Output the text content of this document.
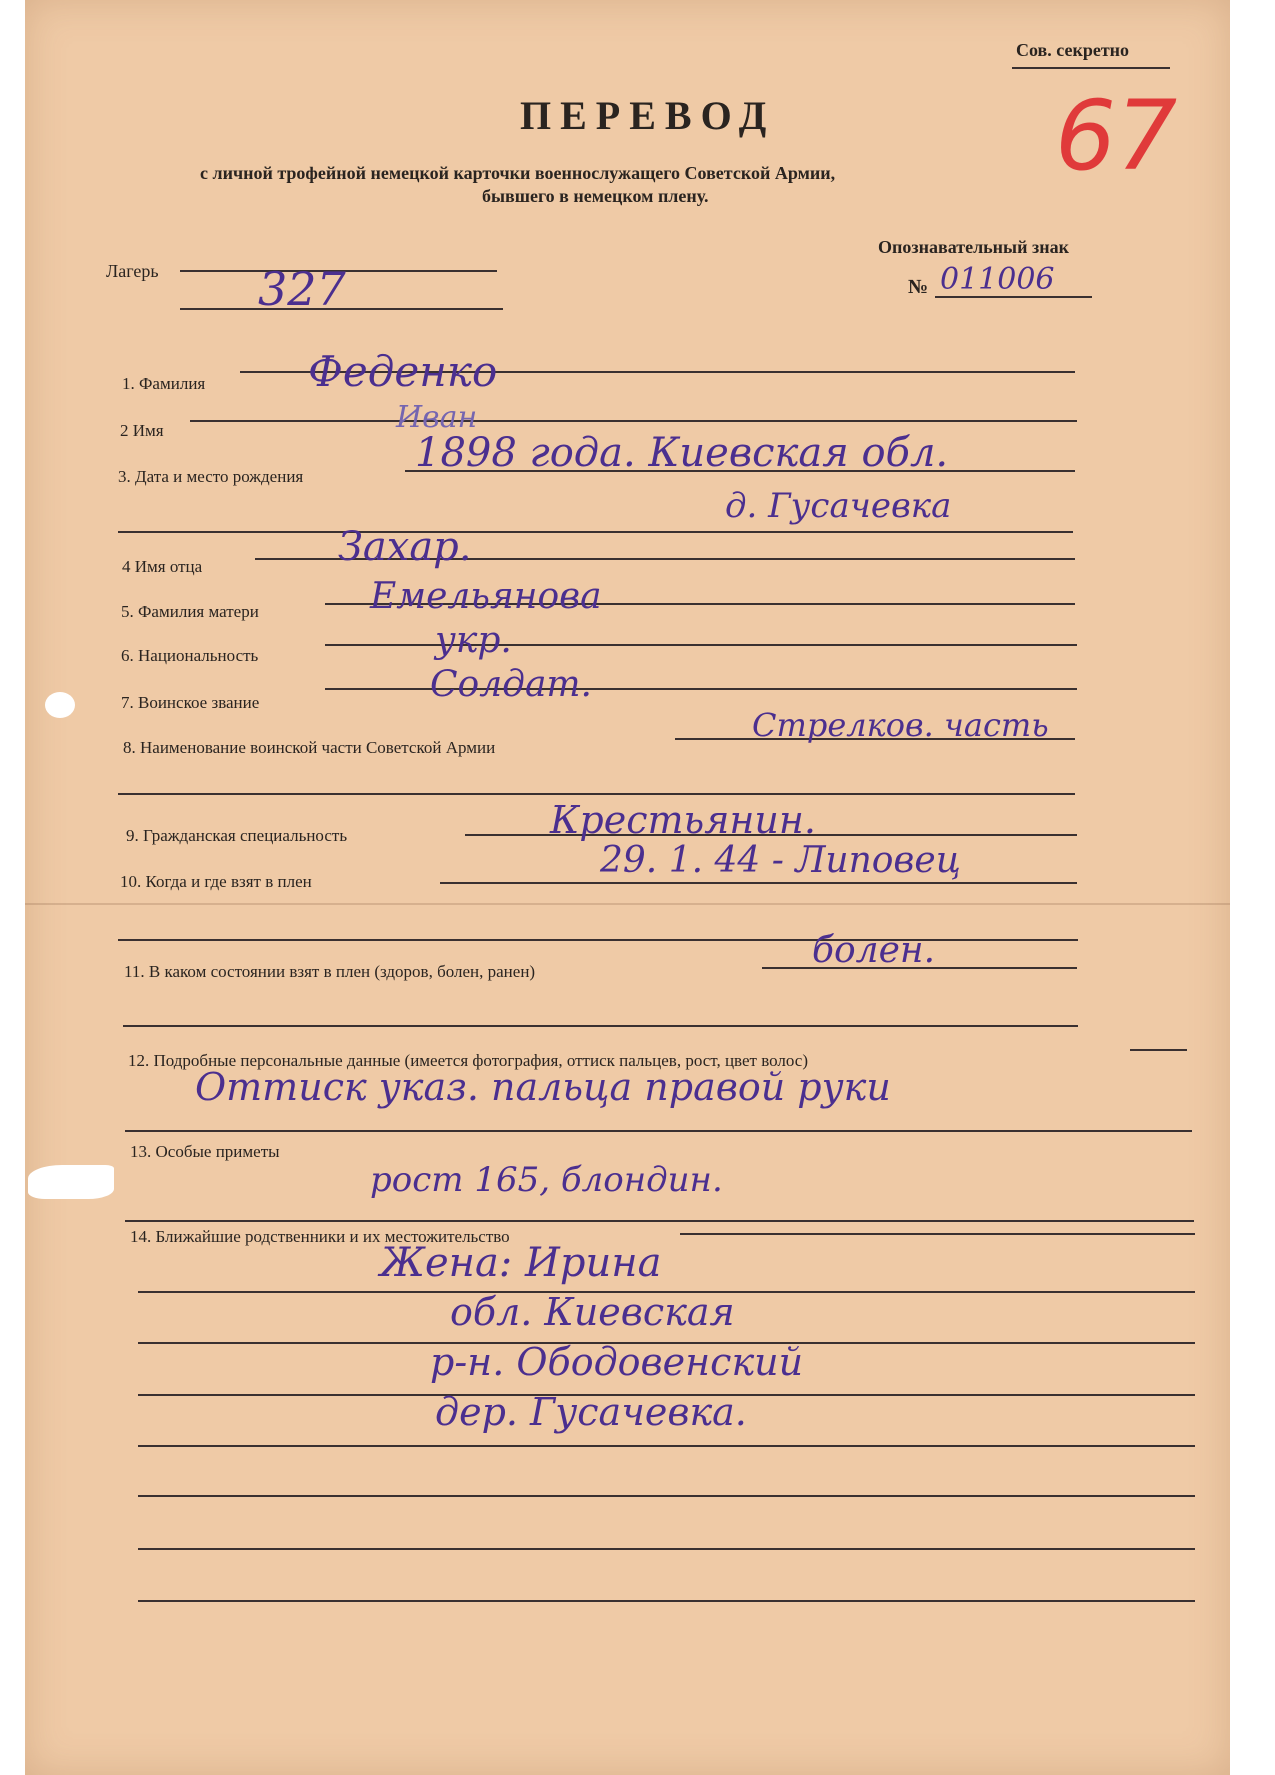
Сов. секретно
67
ПЕРЕВОД
с личной трофейной немецкой карточки военнослужащего Советской Армии,
бывшего в немецком плену.
Лагерь 327
Опознавательный знак
№ 011006
1. Фамилия Феденко
2 Имя	Иван
3. Дата и место рождения
1898 года. Киевская обл.
д. Гусачевка
4 Имя отца	Захар.
5. Фамилия матери	Емельянова
6. Национальность	укр.
7. Воинское звание	Солдат.
8. Наименование воинской части Советской Армии
Стрелков. часть
9. Гражданская специальность	Крестьянин.
10. Когда и где взят в плен
29. 1. 44 - Липовец
11. В каком состоянии взят в плен (здоров, болен, ранен)
болен.
12. Подробные персональные данные (имеется фотография, оттиск пальцев, рост, цвет волос)
Оттиск указ. пальца правой руки
13. Особые приметы
рост 165, блондин.
14. Ближайшие родственники и их местожительство
Жена: Ирина
обл. Киевская
р-н. Ободовенский
дер. Гусачевка.
